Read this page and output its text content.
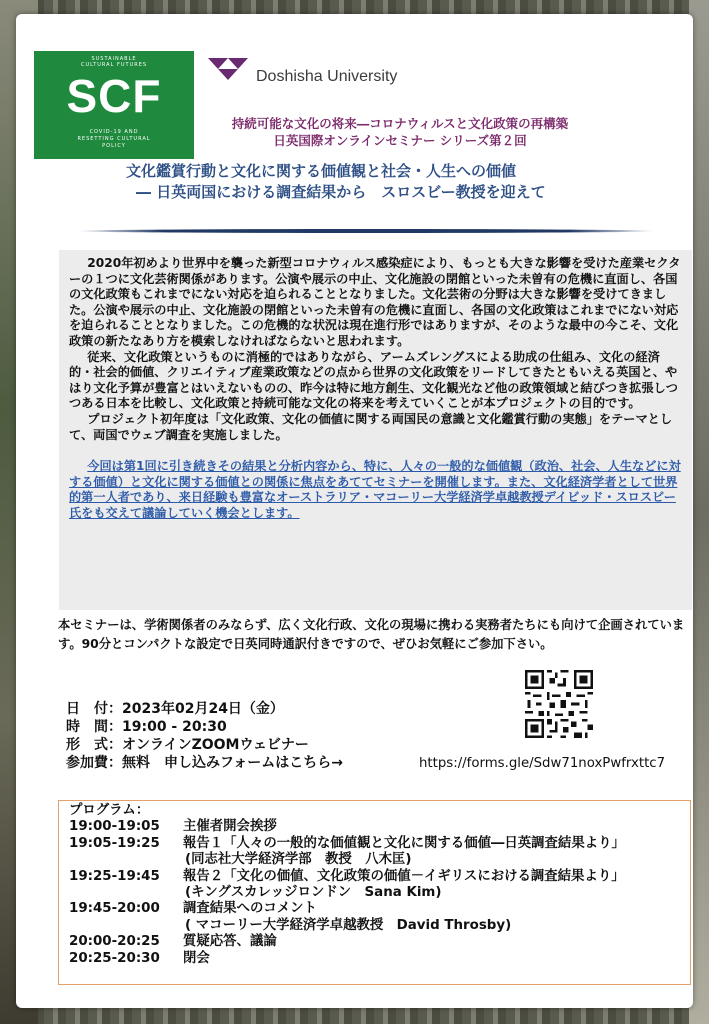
SUSTAINABLE
CULTURAL FUTURES
SCF
COVID-19 AND
RESETTING CULTURAL
POLICY
Doshisha University
持続可能な文化の将来―コロナウィルスと文化政策の再構築
日英国際オンラインセミナー シリーズ第２回
文化鑑賞行動と文化に関する価値観と社会・人生への価値
― 日英両国における調査結果から　スロスビー教授を迎えて

2020年初めより世界中を襲った新型コロナウィルス感染症により、もっとも大きな影響を受けた産業セクターの１つに文化芸術関係があります。公演や展示の中止、文化施設の閉館といった未曽有の危機に直面し、各国の文化政策もこれまでにない対応を迫られることとなりました。文化芸術の分野は大きな影響を受けてきました。公演や展示の中止、文化施設の閉館といった未曽有の危機に直面し、各国の文化政策はこれまでにない対応を迫られることとなりました。この危機的な状況は現在進行形ではありますが、そのような最中の今こそ、文化政策の新たなあり方を模索しなければならないと思われます。

従来、文化政策というものに消極的ではありながら、アームズレングスによる助成の仕組み、文化の経済的・社会的価値、クリエイティブ産業政策などの点から世界の文化政策をリードしてきたともいえる英国と、やはり文化予算が豊富とはいえないものの、昨今は特に地方創生、文化観光など他の政策領域と結びつき拡張しつつある日本を比較し、文化政策と持続可能な文化の将来を考えていくことが本プロジェクトの目的です。

プロジェクト初年度は「文化政策、文化の価値に関する両国民の意識と文化鑑賞行動の実態」をテーマとして、両国でウェブ調査を実施しました。

今回は第1回に引き続きその結果と分析内容から、特に、人々の一般的な価値観（政治、社会、人生などに対する価値）と文化に関する価値との関係に焦点をあててセミナーを開催します。また、文化経済学者として世界的第一人者であり、来日経験も豊富なオーストラリア・マコーリー大学経済学卓越教授デイビッド・スロスビー氏をも交えて議論していく機会とします。

本セミナーは、学術関係者のみならず、広く文化行政、文化の現場に携わる実務者たちにも向けて企画されています。90分とコンパクトな設定で日英同時通訳付きですので、ぜひお気軽にご参加下さい。
日　付：2023年02月24日（金）
時　間：19:00 - 20:30
形　式：オンラインZOOMウェビナー
参加費：無料　申し込みフォームはこちら→	https://forms.gle/Sdw71noxPwfrxttc7
プログラム：
19:00-19:05	主催者開会挨拶
19:05-19:25	報告１「人々の一般的な価値観と文化に関する価値―日英調査結果より」
(同志社大学経済学部　教授　八木匡)
19:25-19:45	報告２「文化の価値、文化政策の価値－イギリスにおける調査結果より」
(キングスカレッジロンドン　Sana Kim)
19:45-20:00	調査結果へのコメント
( マコーリー大学経済学卓越教授　David Throsby)
20:00-20:25	質疑応答、議論
20:25-20:30	閉会
